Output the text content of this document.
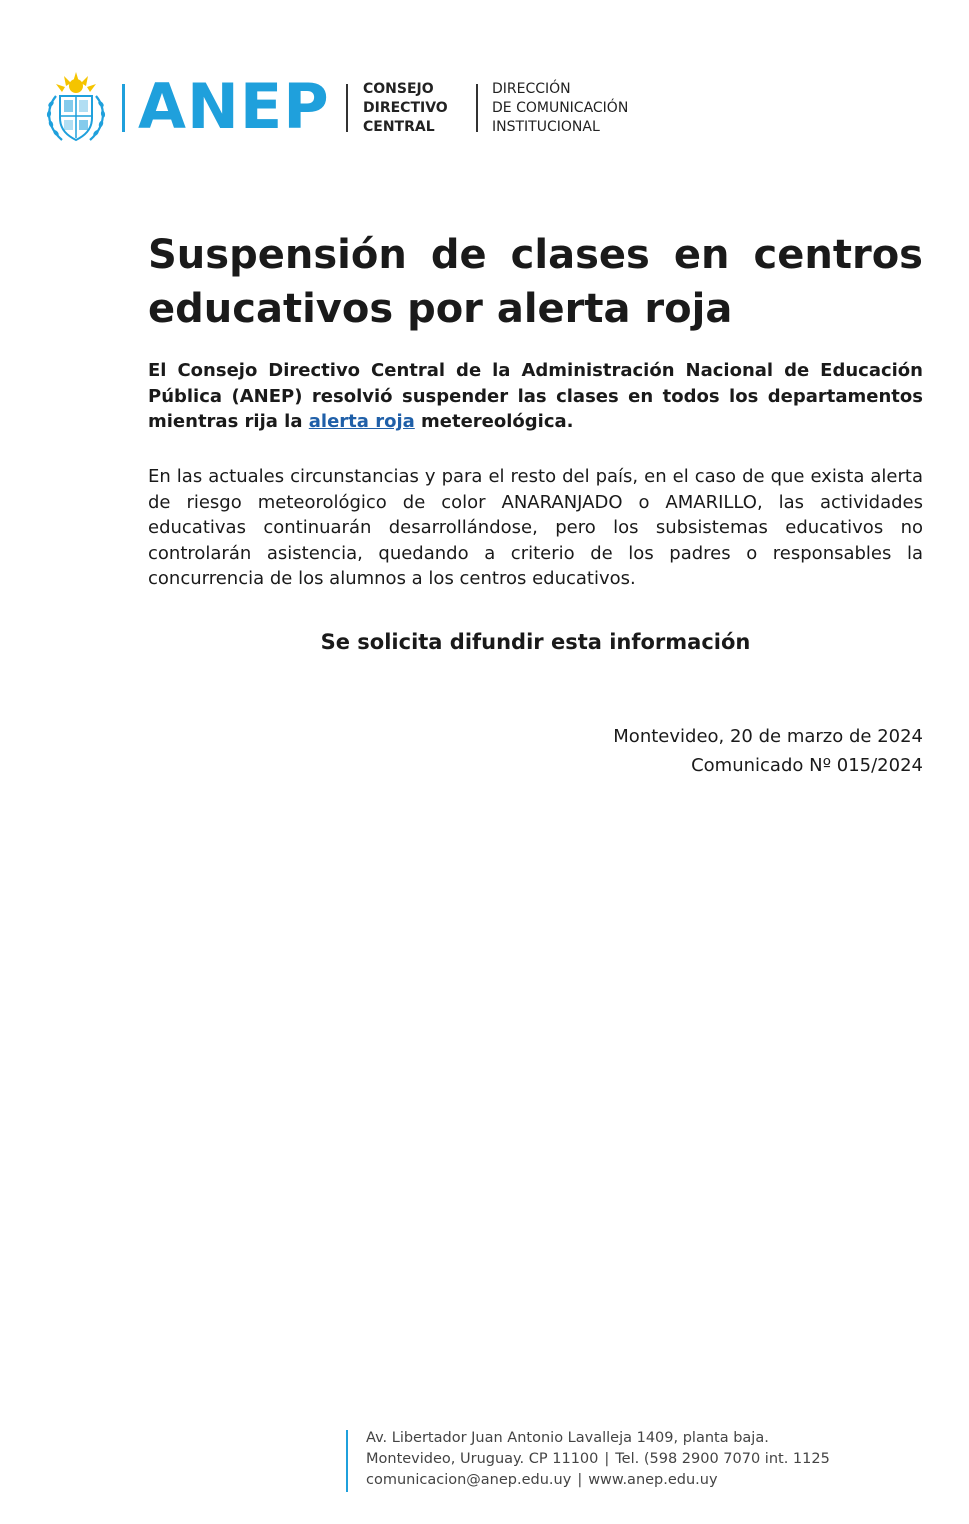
ANEP CONSEJO
DIRECTIVO
CENTRAL
DIRECCIÓN
DE COMUNICACIÓN
INSTITUCIONAL
Suspensión de clases en centros
educativos por alerta roja

El Consejo Directivo Central de la Administración Nacional de Educación Pública (ANEP) resolvió suspender las clases en todos los departamentos mientras rija la alerta roja metereológica.

En las actuales circunstancias y para el resto del país, en el caso de que exista alerta de riesgo meteorológico de color ANARANJADO o AMARILLO, las actividades educativas continuarán desarrollándose, pero los subsistemas educativos no controlarán asistencia, quedando a criterio de los padres o responsables la concurrencia de los alumnos a los centros educativos.

Se solicita difundir esta información
Montevideo, 20 de marzo de 2024
Comunicado Nº 015/2024
Av. Libertador Juan Antonio Lavalleja 1409, planta baja.
Montevideo, Uruguay. CP 11100 | Tel. (598 2900 7070 int. 1125
comunicacion@anep.edu.uy | www.anep.edu.uy
